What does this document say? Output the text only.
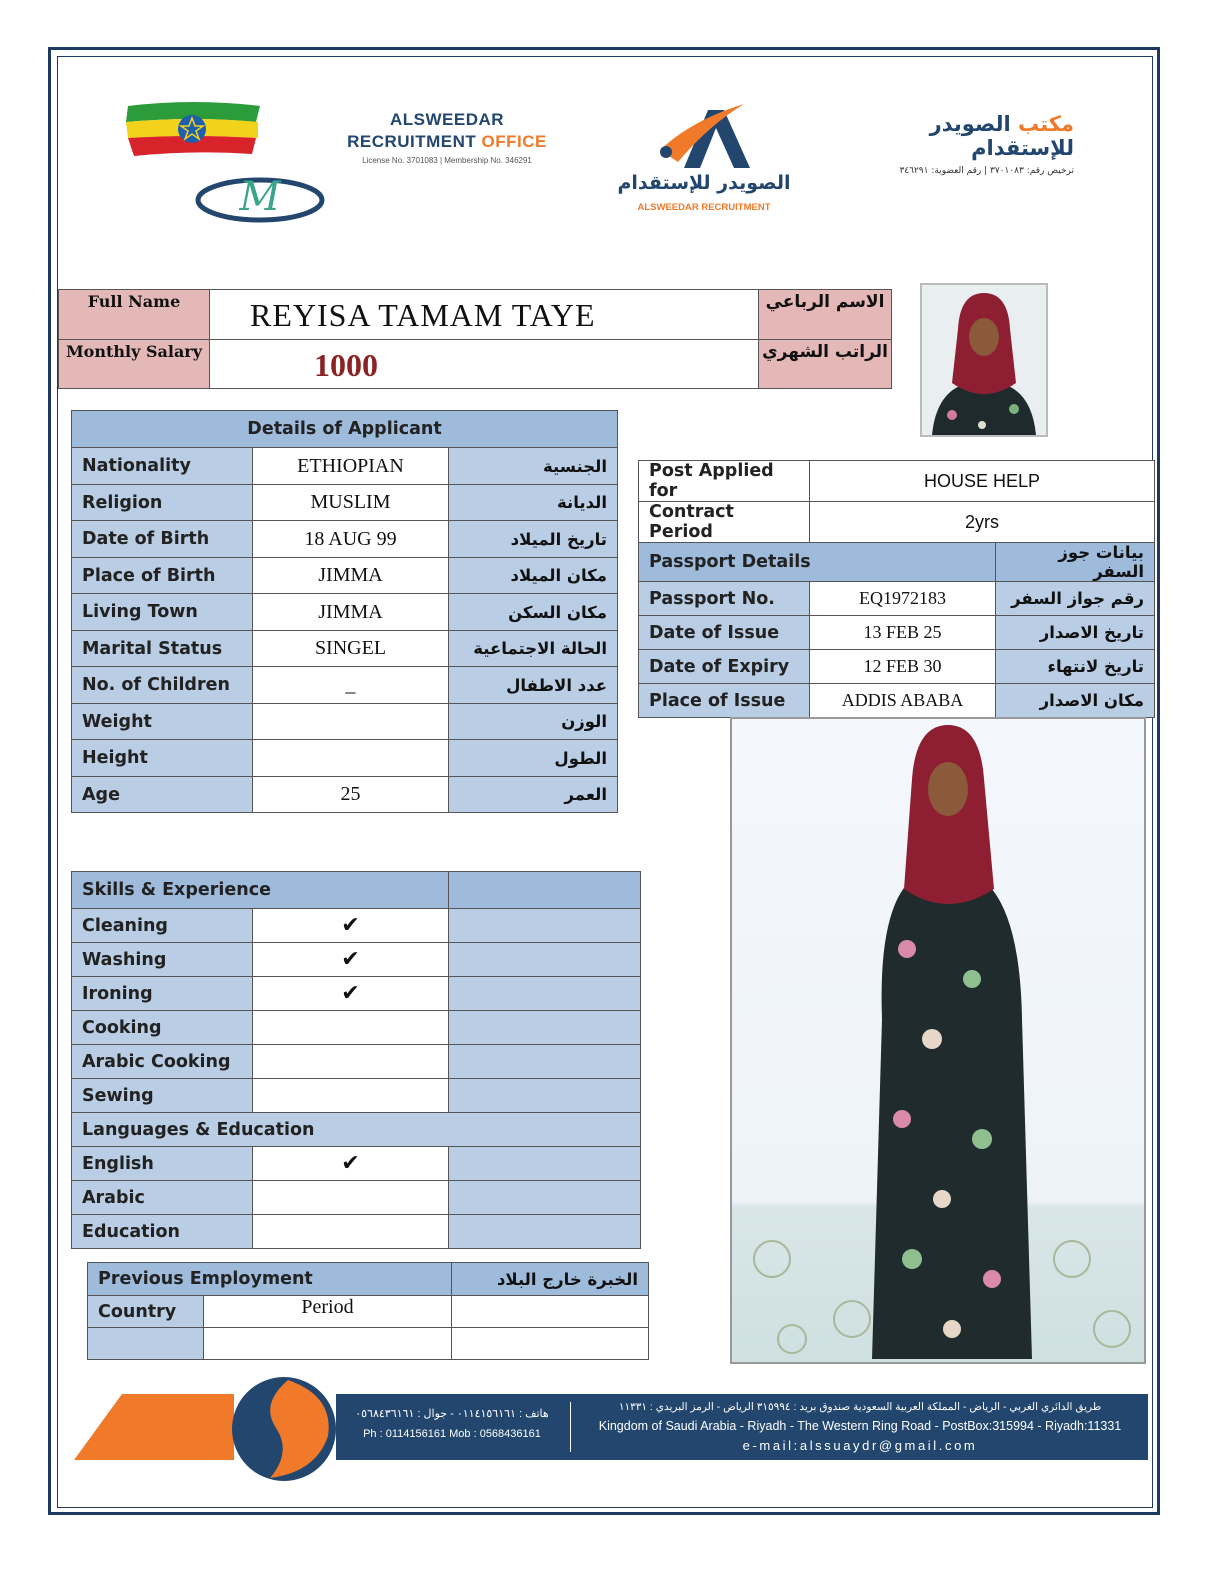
M
ALSWEEDAR
RECRUITMENT OFFICE
License No. 3701083 | Membership No. 346291
الصويدر للإستقدام
ALSWEEDAR RECRUITMENT
مكتب الصويدر للإستقدام
ترخيص رقم: ٣٧٠١٠٨٣ | رقم العضوية: ٣٤٦٢٩١
Full Name	REYISA TAMAM TAYE	الاسم الرباعي
Monthly Salary	1000	الراتب الشهري
Details of Applicant		
Nationality	ETHIOPIAN	الجنسية
Religion	MUSLIM	الديانة
Date of Birth	18 AUG 99	تاريخ الميلاد
Place of Birth	JIMMA	مكان الميلاد
Living Town	JIMMA	مكان السكن
Marital Status	SINGEL	الحالة الاجتماعية
No. of Children	_	عدد الاطفال
Weight		الوزن
Height		الطول
Age	25	العمر
Post Applied for	HOUSE HELP	
Contract Period	2yrs	
Passport Details		بيانات جوز السفر
Passport No.	EQ1972183	رقم جواز السفر
Date of Issue	13 FEB 25	تاريخ الاصدار
Date of Expiry	12 FEB 30	تاريخ لانتهاء
Place of Issue	ADDIS ABABA	مكان الاصدار
Skills & Experience		
Cleaning	✔	
Washing	✔	
Ironing	✔	
Cooking		
Arabic Cooking		
Sewing		
Languages & Education		
English	✔	
Arabic		
Education		
Previous Employment		الخبرة خارج البلاد
Country	Period	

هاتف : ٠١١٤١٥٦١٦١ - جوال : ٠٥٦٨٤٣٦١٦١
Ph : 0114156161 Mob : 0568436161
طريق الدائري الغربي - الرياض - المملكة العربية السعودية صندوق بريد : ٣١٥٩٩٤ الرياض - الرمز البريدي : ١١٣٣١
Kingdom of Saudi Arabia - Riyadh - The Western Ring Road - PostBox:315994 - Riyadh:11331
e-mail:alssuaydr@gmail.com
